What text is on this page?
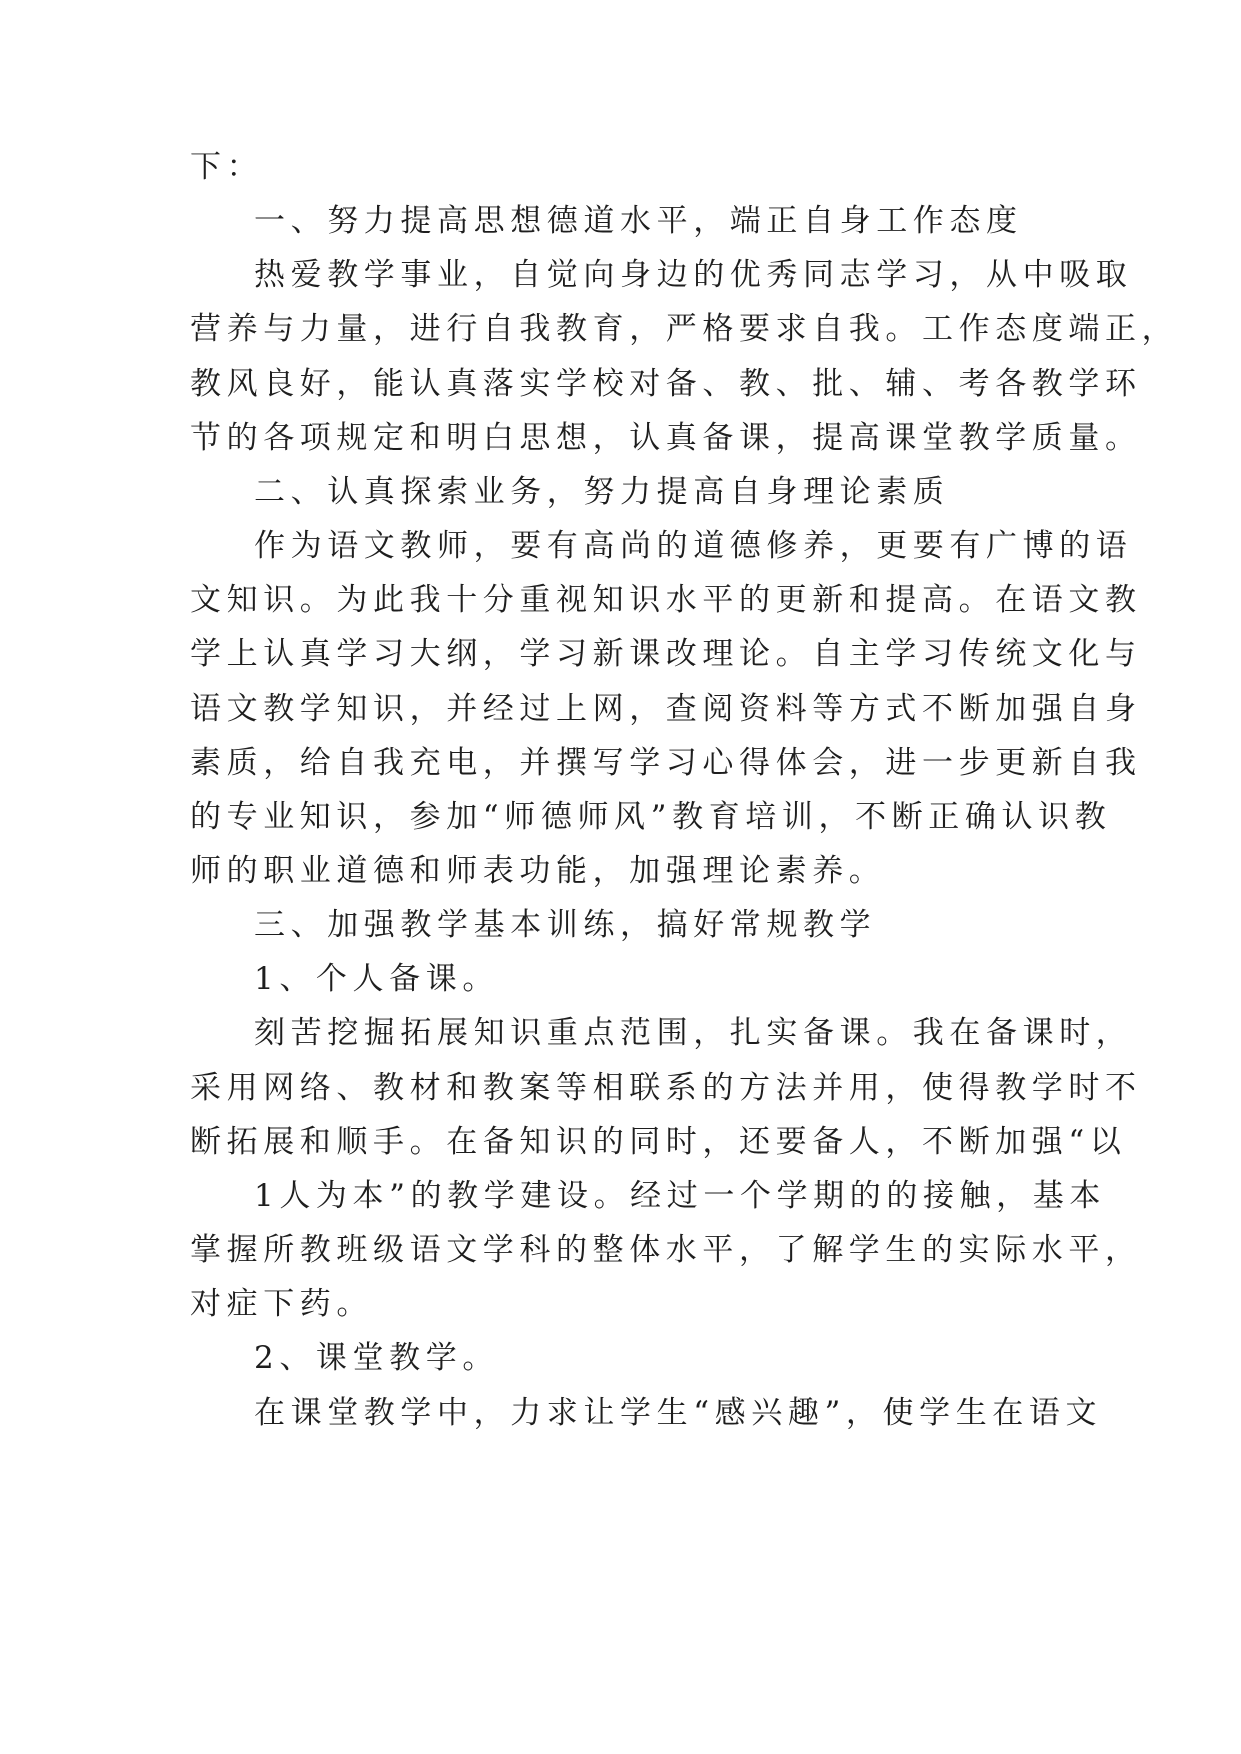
下：
一、努力提高思想德道水平，端正自身工作态度
热爱教学事业，自觉向身边的优秀同志学习，从中吸取
营养与力量，进行自我教育，严格要求自我。工作态度端正，
教风良好，能认真落实学校对备、教、批、辅、考各教学环
节的各项规定和明白思想，认真备课，提高课堂教学质量。
二、认真探索业务，努力提高自身理论素质
作为语文教师，要有高尚的道德修养，更要有广博的语
文知识。为此我十分重视知识水平的更新和提高。在语文教
学上认真学习大纲，学习新课改理论。自主学习传统文化与
语文教学知识，并经过上网，查阅资料等方式不断加强自身
素质，给自我充电，并撰写学习心得体会，进一步更新自我
的专业知识，参加“师德师风”教育培训，不断正确认识教
师的职业道德和师表功能，加强理论素养。
三、加强教学基本训练，搞好常规教学
1、个人备课。
刻苦挖掘拓展知识重点范围，扎实备课。我在备课时，
采用网络、教材和教案等相联系的方法并用，使得教学时不
断拓展和顺手。在备知识的同时，还要备人，不断加强“以
1人为本”的教学建设。经过一个学期的的接触，基本
掌握所教班级语文学科的整体水平，了解学生的实际水平，
对症下药。
2、课堂教学。
在课堂教学中，力求让学生“感兴趣”，使学生在语文
